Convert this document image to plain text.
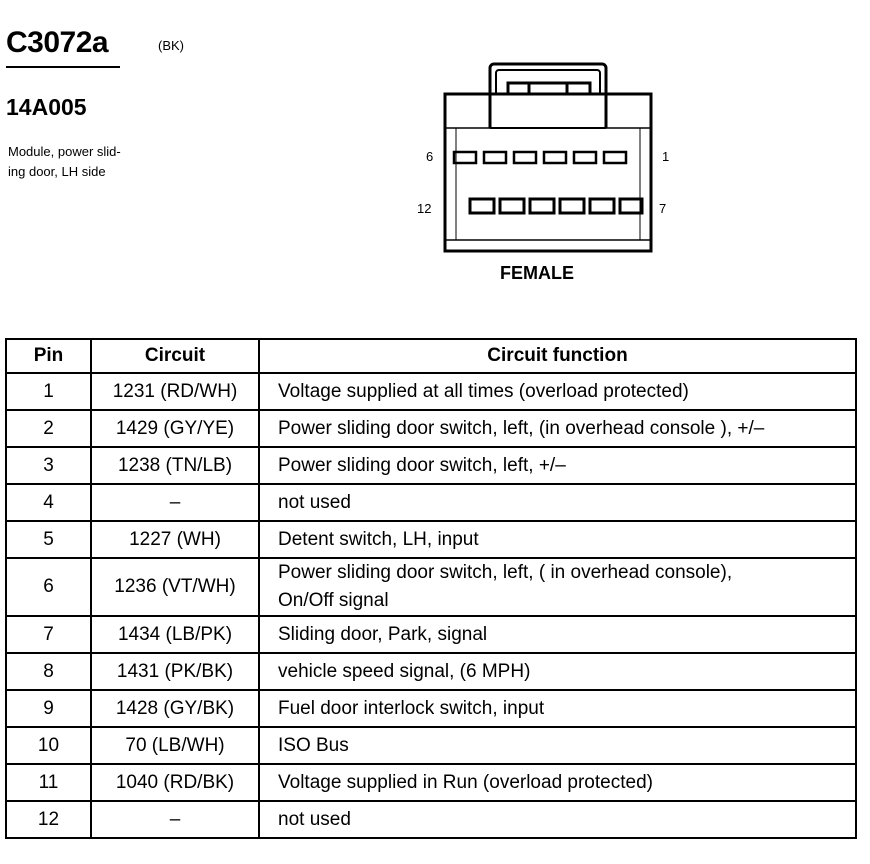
C3072a	(BK)
14A005
Module, power slid-
ing door, LH side
6	1
12	7
FEMALE
Pin	Circuit	Circuit function
1	1231 (RD/WH)	Voltage supplied at all times (overload protected)

2	1429 (GY/YE)	Power sliding door switch, left, (in overhead console ), +/–

3	1238 (TN/LB)	Power sliding door switch, left, +/–

4	–	not used

5	1227 (WH)	Detent switch, LH, input

6	1236 (VT/WH)	Power sliding door switch, left, ( in overhead console),
On/Off signal

7	1434 (LB/PK)	Sliding door, Park, signal

8	1431 (PK/BK)	vehicle speed signal, (6 MPH)

9	1428 (GY/BK)	Fuel door interlock switch, input

10	70 (LB/WH)	ISO Bus

11	1040 (RD/BK)	Voltage supplied in Run (overload protected)

12	–	not used
